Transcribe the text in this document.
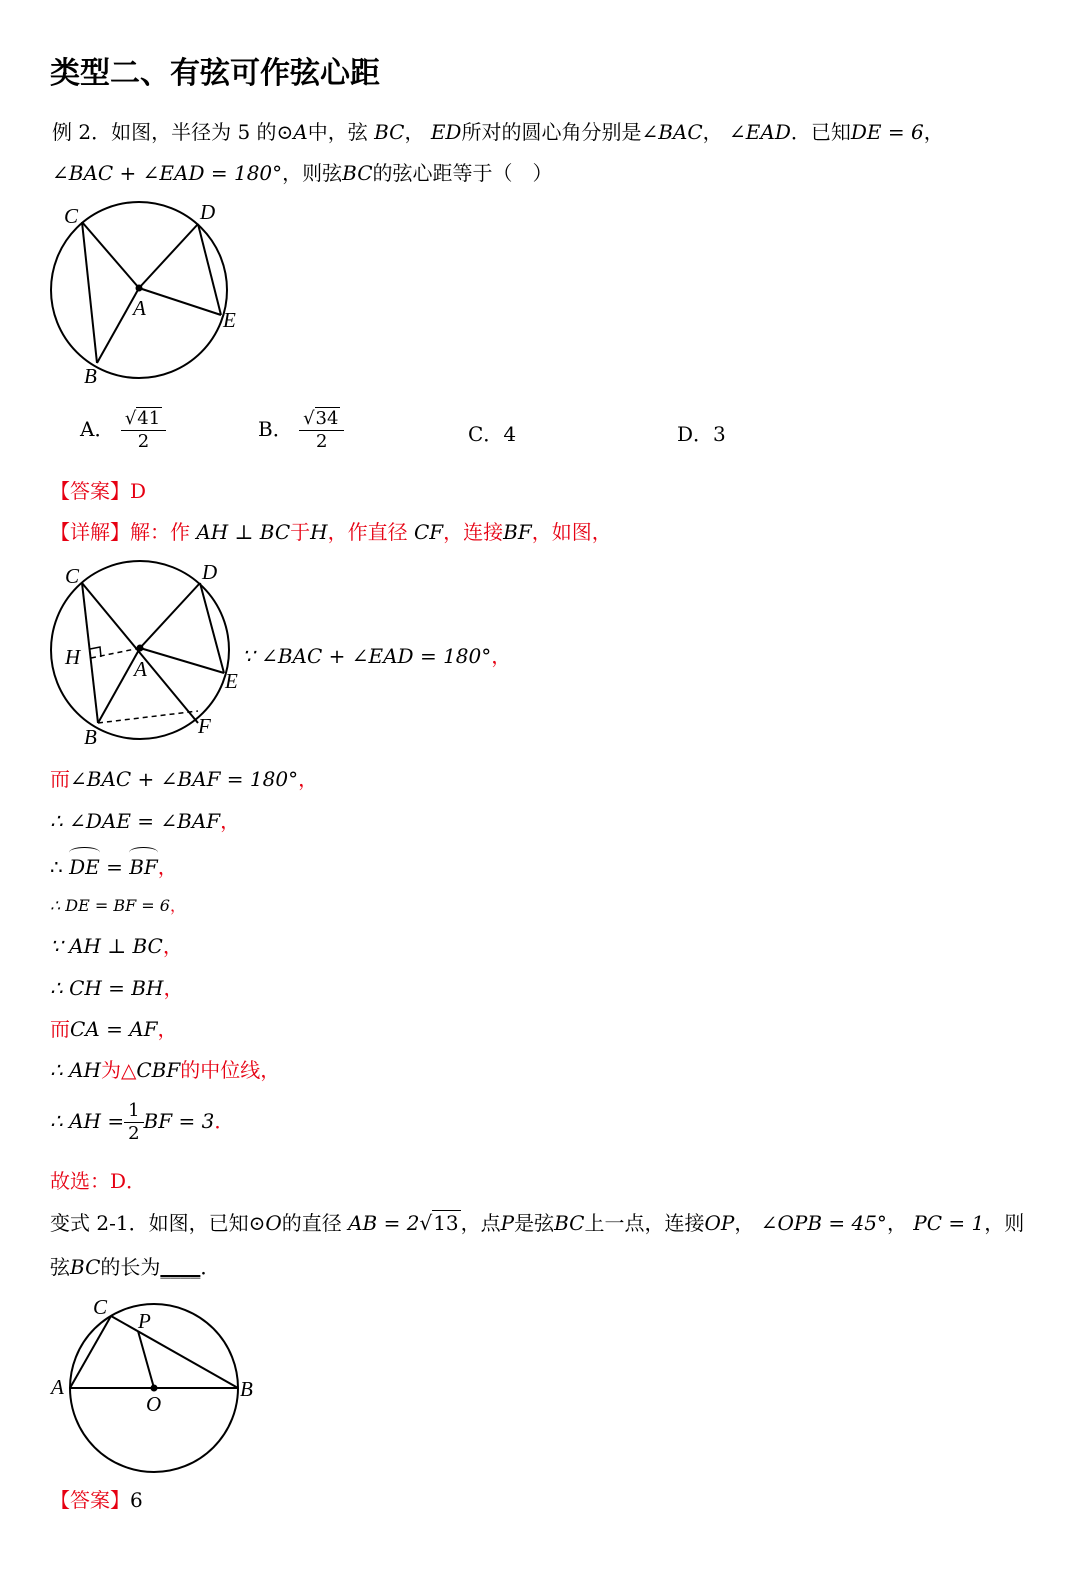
类型二、有弦可作弦心距
例 2．如图，半径为 5 的⊙A中，弦 BC， ED所对的圆心角分别是∠BAC， ∠EAD．已知DE = 6，
∠BAC + ∠EAD = 180°，则弦BC的弦心距等于（　）
C	D
A	E
B
A． $\frac{√41}{2}$	B． $\frac{√34}{2}$	C．4	D．3
【答案】D
【详解】解：作 AH ⊥ BC于H，作直径 CF，连接BF，如图，
C	D
H	A	E
F
B
∵ ∠BAC + ∠EAD = 180°，
而∠BAC + ∠BAF = 180°，
∴ ∠DAE = ∠BAF，
∴ DE = BF，
∴ DE = BF = 6，
∵ AH ⊥ BC，
∴ CH = BH，
而CA = AF，
∴ AH为△CBF的中位线，
∴ AH = $\frac{1}{2}$ BF = 3．
故选：D．
变式 2-1．如图，已知⊙O的直径 AB = 2√13 ，点P是弦BC上一点，连接OP， ∠OPB = 45°， PC = 1，则
弦BC的长为____．
C
P
A
O
B
【答案】6
